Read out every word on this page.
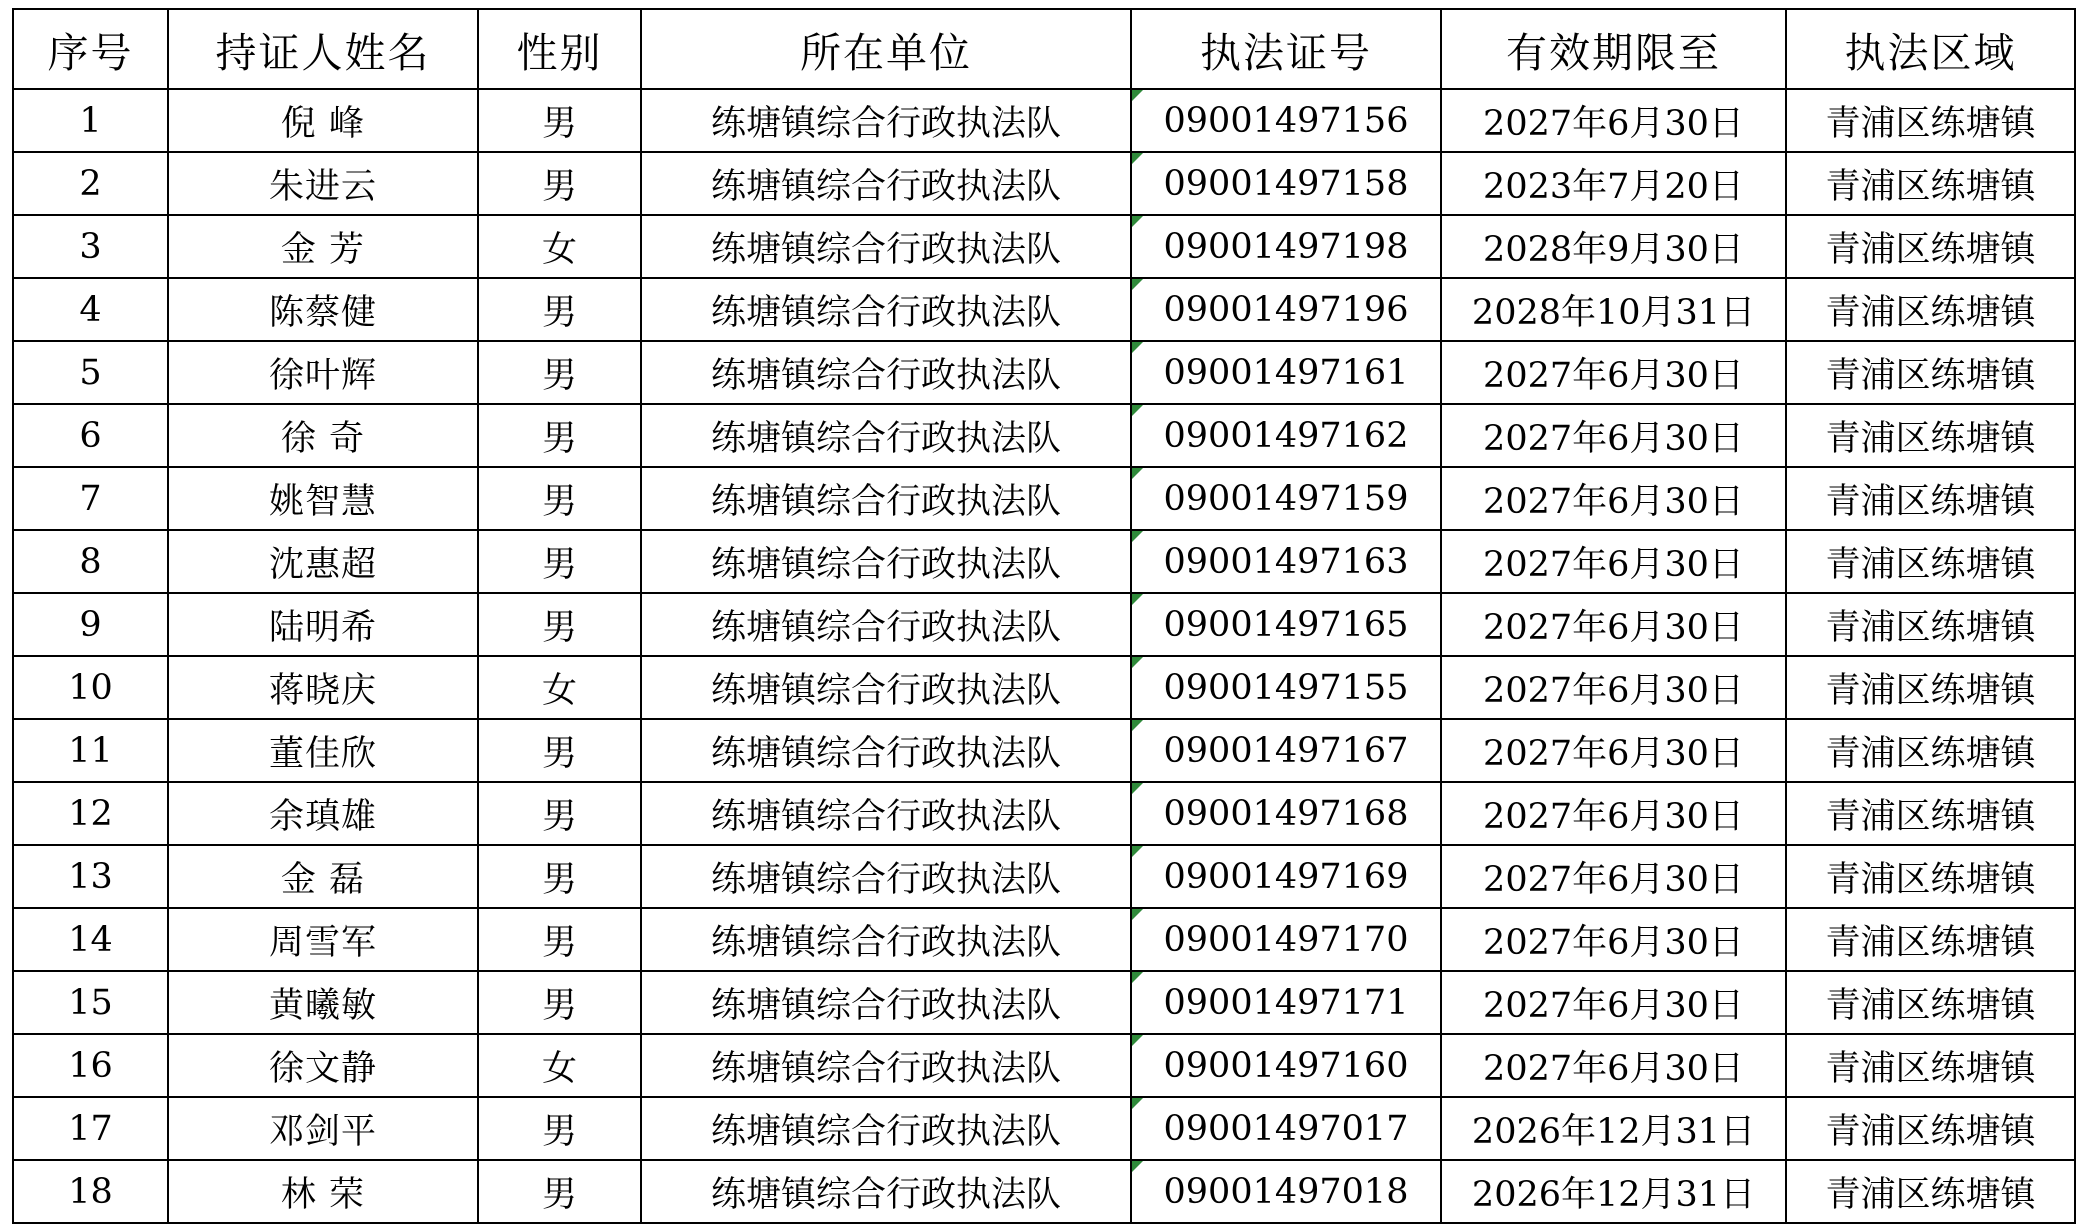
序号	持证人姓名	性别	所在单位	执法证号	有效期限至	执法区域
1	倪 峰	男	练塘镇综合行政执法队	09001497156	2027年6月30日	青浦区练塘镇
2	朱进云	男	练塘镇综合行政执法队	09001497158	2023年7月20日	青浦区练塘镇
3	金 芳	女	练塘镇综合行政执法队	09001497198	2028年9月30日	青浦区练塘镇
4	陈蔡健	男	练塘镇综合行政执法队	09001497196	2028年10月31日	青浦区练塘镇
5	徐叶辉	男	练塘镇综合行政执法队	09001497161	2027年6月30日	青浦区练塘镇
6	徐 奇	男	练塘镇综合行政执法队	09001497162	2027年6月30日	青浦区练塘镇
7	姚智慧	男	练塘镇综合行政执法队	09001497159	2027年6月30日	青浦区练塘镇
8	沈惠超	男	练塘镇综合行政执法队	09001497163	2027年6月30日	青浦区练塘镇
9	陆明希	男	练塘镇综合行政执法队	09001497165	2027年6月30日	青浦区练塘镇
10	蒋晓庆	女	练塘镇综合行政执法队	09001497155	2027年6月30日	青浦区练塘镇
11	董佳欣	男	练塘镇综合行政执法队	09001497167	2027年6月30日	青浦区练塘镇
12	余瑱雄	男	练塘镇综合行政执法队	09001497168	2027年6月30日	青浦区练塘镇
13	金 磊	男	练塘镇综合行政执法队	09001497169	2027年6月30日	青浦区练塘镇
14	周雪军	男	练塘镇综合行政执法队	09001497170	2027年6月30日	青浦区练塘镇
15	黄曦敏	男	练塘镇综合行政执法队	09001497171	2027年6月30日	青浦区练塘镇
16	徐文静	女	练塘镇综合行政执法队	09001497160	2027年6月30日	青浦区练塘镇
17	邓剑平	男	练塘镇综合行政执法队	09001497017	2026年12月31日	青浦区练塘镇
18	林 荣	男	练塘镇综合行政执法队	09001497018	2026年12月31日	青浦区练塘镇
